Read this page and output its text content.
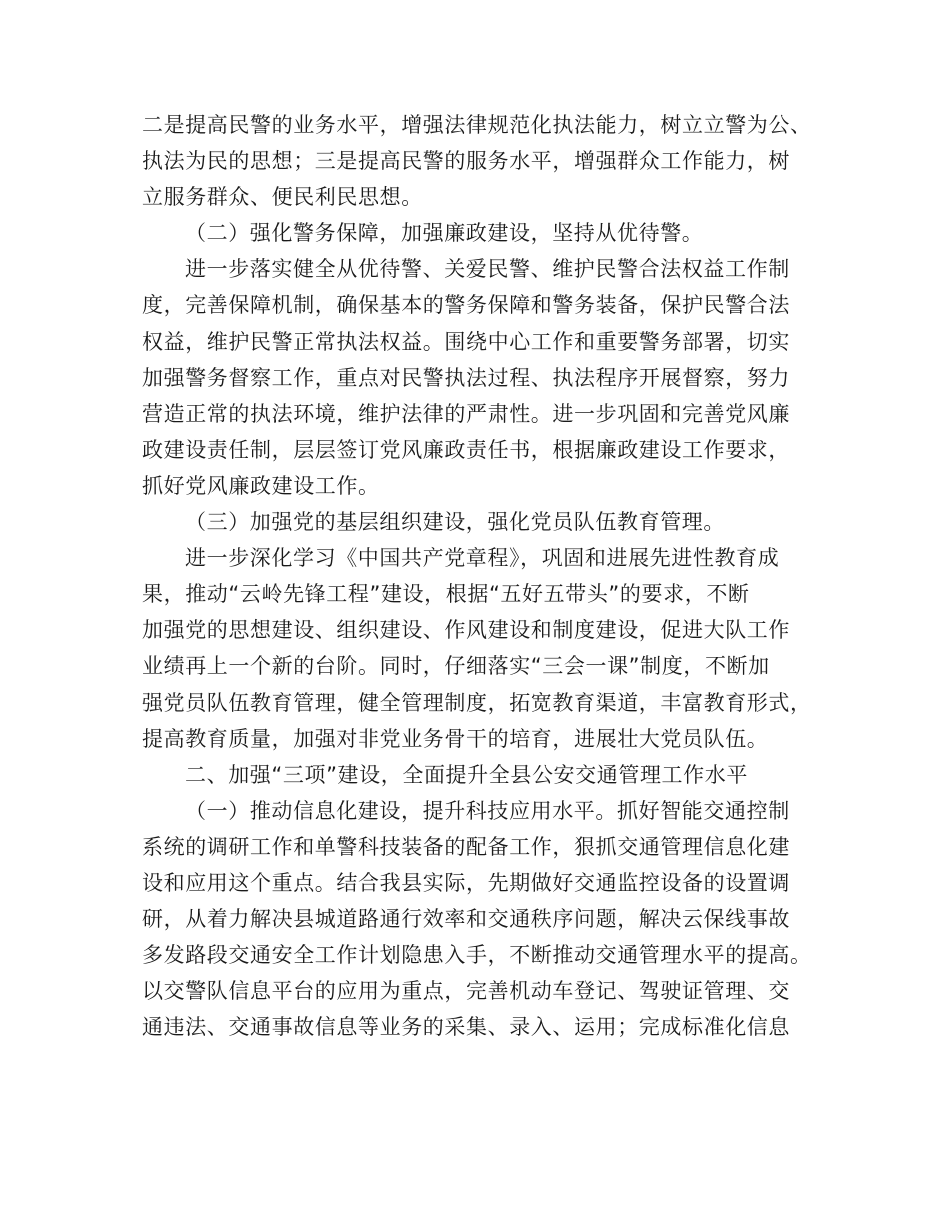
二是提高民警的业务水平，增强法律规范化执法能力，树立立警为公、
执法为民的思想；三是提高民警的服务水平，增强群众工作能力，树
立服务群众、便民利民思想。
（二）强化警务保障，加强廉政建设，坚持从优待警。
进一步落实健全从优待警、关爱民警、维护民警合法权益工作制
度，完善保障机制，确保基本的警务保障和警务装备，保护民警合法
权益，维护民警正常执法权益。围绕中心工作和重要警务部署，切实
加强警务督察工作，重点对民警执法过程、执法程序开展督察，努力
营造正常的执法环境，维护法律的严肃性。进一步巩固和完善党风廉
政建设责任制，层层签订党风廉政责任书，根据廉政建设工作要求，
抓好党风廉政建设工作。
（三）加强党的基层组织建设，强化党员队伍教育管理。
进一步深化学习《中国共产党章程》，巩固和进展先进性教育成
果，推动“云岭先锋工程”建设，根据“五好五带头”的要求，不断
加强党的思想建设、组织建设、作风建设和制度建设，促进大队工作
业绩再上一个新的台阶。同时，仔细落实“三会一课”制度，不断加
强党员队伍教育管理，健全管理制度，拓宽教育渠道，丰富教育形式，
提高教育质量，加强对非党业务骨干的培育，进展壮大党员队伍。
二、加强“三项”建设，全面提升全县公安交通管理工作水平
（一）推动信息化建设，提升科技应用水平。抓好智能交通控制
系统的调研工作和单警科技装备的配备工作，狠抓交通管理信息化建
设和应用这个重点。结合我县实际，先期做好交通监控设备的设置调
研，从着力解决县城道路通行效率和交通秩序问题，解决云保线事故
多发路段交通安全工作计划隐患入手，不断推动交通管理水平的提高。
以交警队信息平台的应用为重点，完善机动车登记、驾驶证管理、交
通违法、交通事故信息等业务的采集、录入、运用；完成标准化信息
